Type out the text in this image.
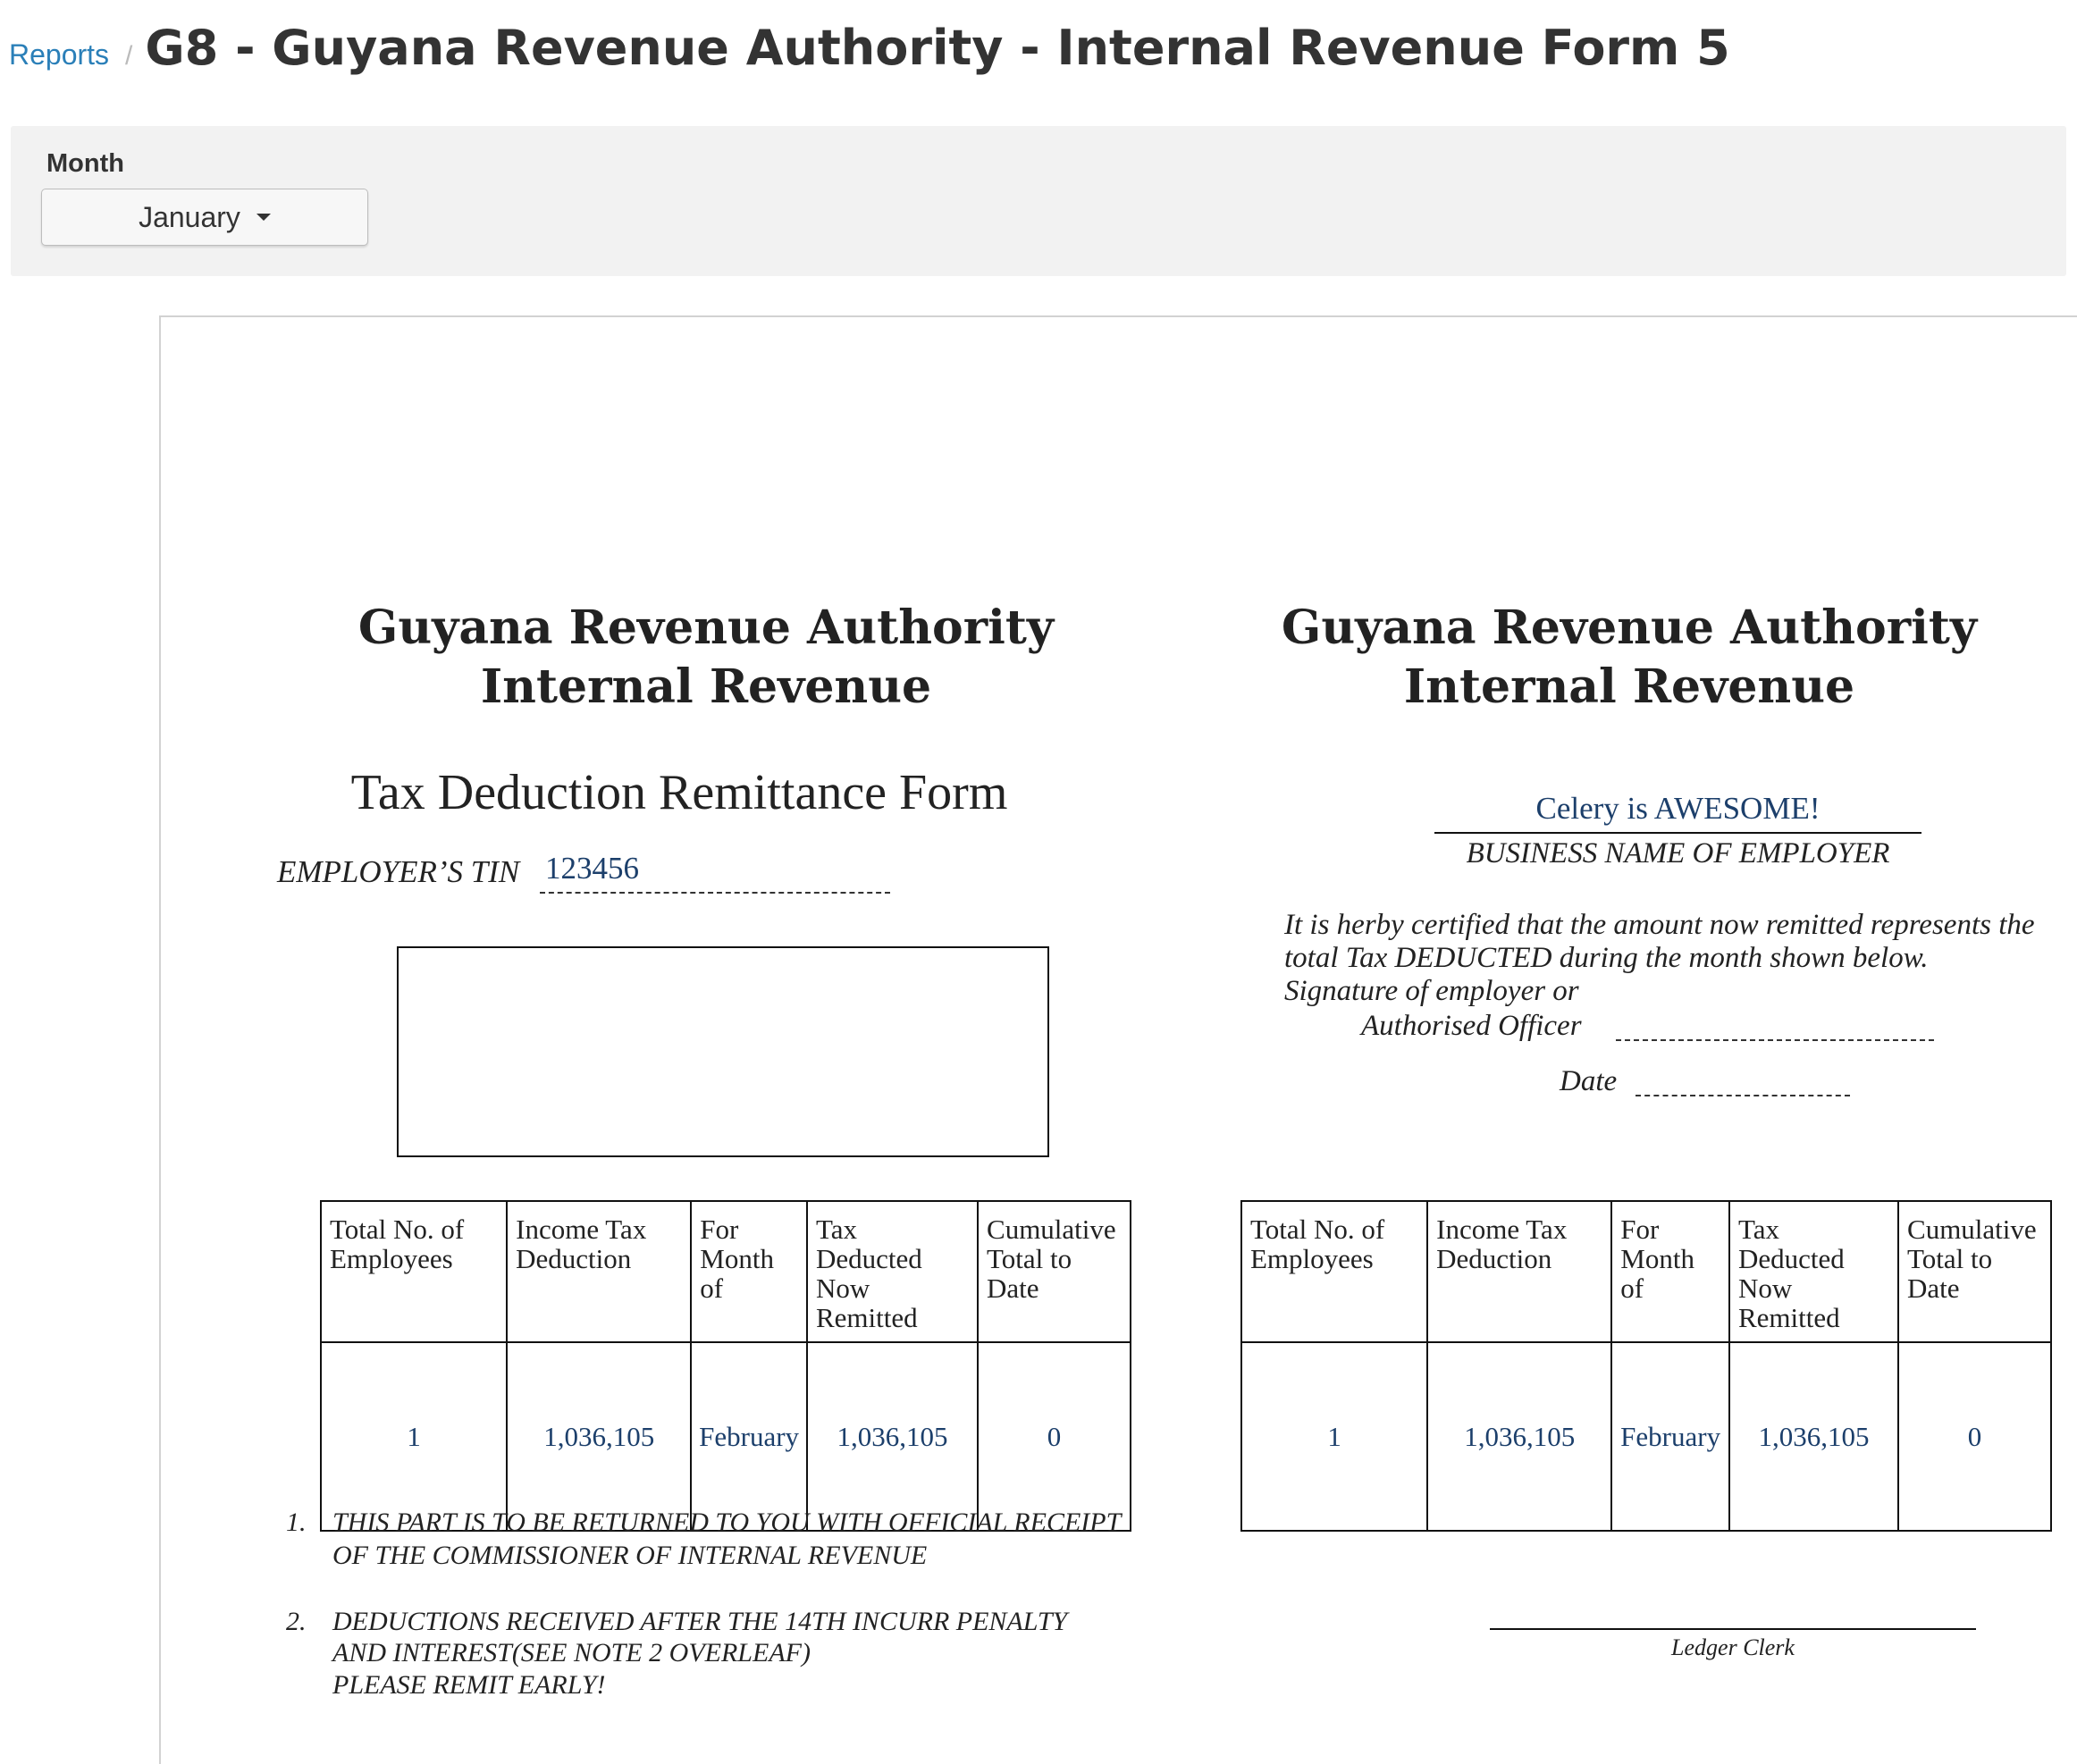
Reports / G8 - Guyana Revenue Authority - Internal Revenue Form 5
Month
January
Guyana Revenue Authority
Internal Revenue
Tax Deduction Remittance Form
EMPLOYER’S TIN 123456
Total No. of Employees	Income Tax Deduction	For Month of	Tax Deducted Now Remitted	Cumulative Total to Date
1	1,036,105	February	1,036,105	0
1. THIS PART IS TO BE RETURNED TO YOU WITH OFFICIAL RECEIPT
OF THE COMMISSIONER OF INTERNAL REVENUE
2. DEDUCTIONS RECEIVED AFTER THE 14TH INCURR PENALTY
AND INTEREST(SEE NOTE 2 OVERLEAF)
PLEASE REMIT EARLY!
Guyana Revenue Authority
Internal Revenue
Celery is AWESOME!
BUSINESS NAME OF EMPLOYER
It is herby certified that the amount now remitted represents the total Tax DEDUCTED during the month shown below.
Signature of employer or
Authorised Officer
Date
Total No. of Employees	Income Tax Deduction	For Month of	Tax Deducted Now Remitted	Cumulative Total to Date
1	1,036,105	February	1,036,105	0
Ledger Clerk
